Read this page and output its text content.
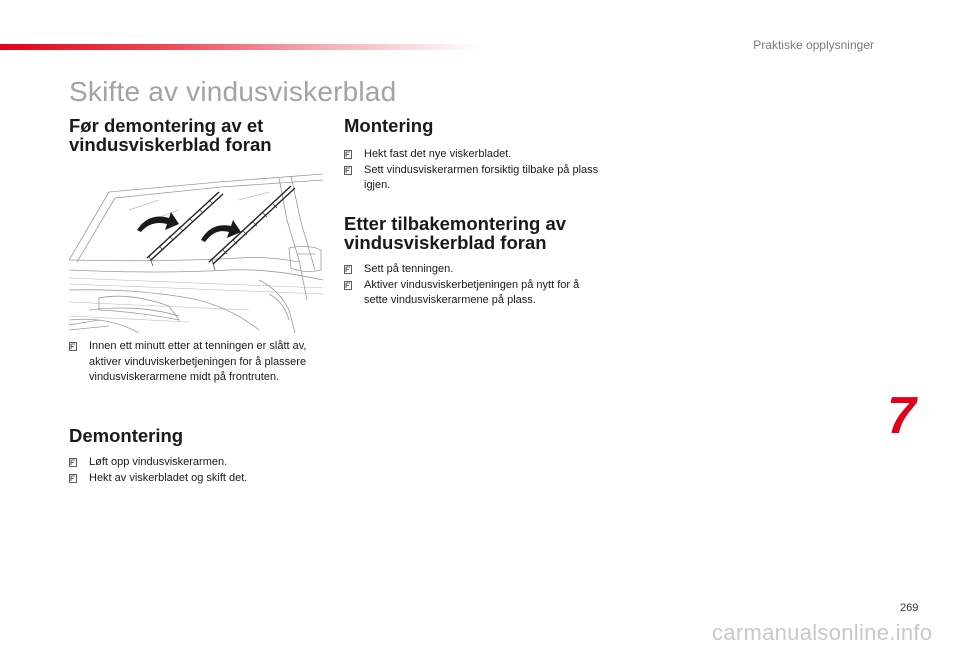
Praktiske opplysninger
Skifte av vindusviskerblad
Før demontering av et
vindusviskerblad foran
Innen ett minutt etter at tenningen er slått av, aktiver vinduviskerbetjeningen for å plassere vindusviskerarmene midt på frontruten.
Demontering
Løft opp vindusviskerarmen.
Hekt av viskerbladet og skift det.
Montering
Hekt fast det nye viskerbladet.
Sett vindusviskerarmen forsiktig tilbake på plass igjen.
Etter tilbakemontering av
vindusviskerblad foran
Sett på tenningen.
Aktiver vindusviskerbetjeningen på nytt for å sette vindusviskerarmene på plass.
7
269
carmanualsonline.info
